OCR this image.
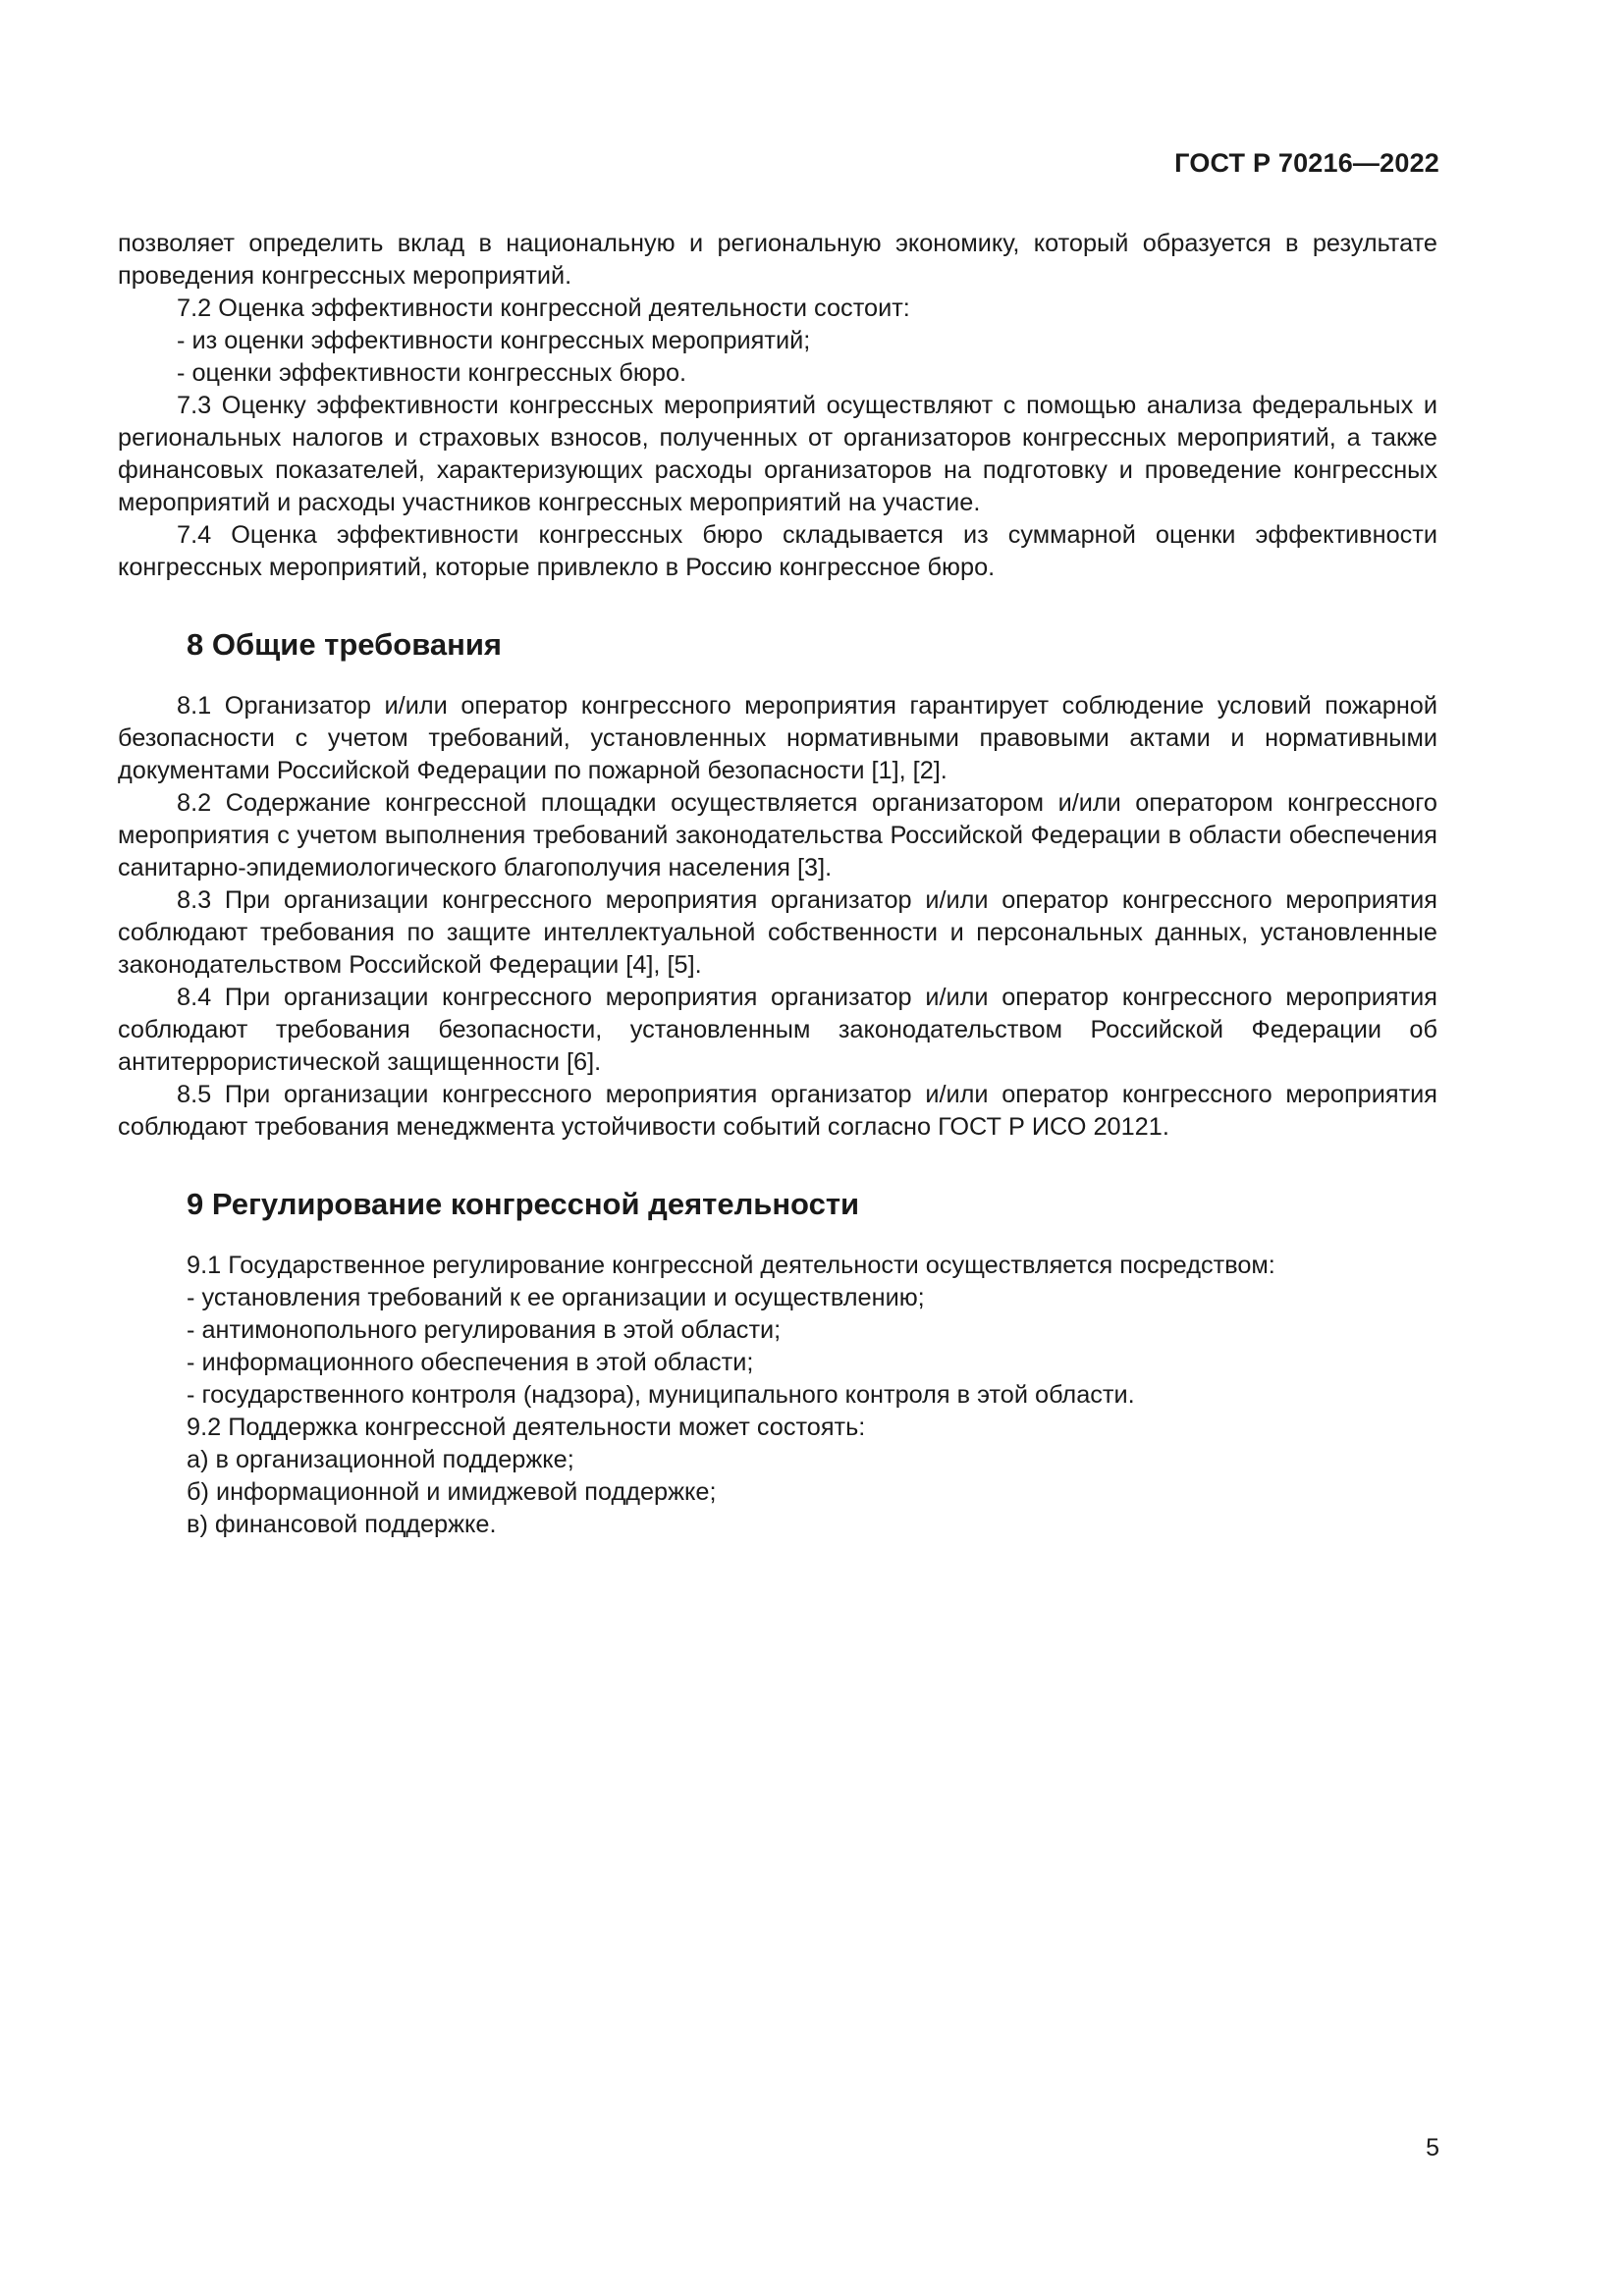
ГОСТ Р 70216—2022

позволяет определить вклад в национальную и региональную экономику, который образуется в результате проведения конгрессных мероприятий.

7.2 Оценка эффективности конгрессной деятельности состоит:

- из оценки эффективности конгрессных мероприятий;

- оценки эффективности конгрессных бюро.

7.3 Оценку эффективности конгрессных мероприятий осуществляют с помощью анализа федеральных и региональных налогов и страховых взносов, полученных от организаторов конгрессных мероприятий, а также финансовых показателей, характеризующих расходы организаторов на подготовку и проведение конгрессных мероприятий и расходы участников конгрессных мероприятий на участие.

7.4 Оценка эффективности конгрессных бюро складывается из суммарной оценки эффективности конгрессных мероприятий, которые привлекло в Россию конгрессное бюро.

8 Общие требования

8.1 Организатор и/или оператор конгрессного мероприятия гарантирует соблюдение условий пожарной безопасности с учетом требований, установленных нормативными правовыми актами и нормативными документами Российской Федерации по пожарной безопасности [1], [2].

8.2 Содержание конгрессной площадки осуществляется организатором и/или оператором конгрессного мероприятия с учетом выполнения требований законодательства Российской Федерации в области обеспечения санитарно-эпидемиологического благополучия населения [3].

8.3 При организации конгрессного мероприятия организатор и/или оператор конгрессного мероприятия соблюдают требования по защите интеллектуальной собственности и персональных данных, установленные законодательством Российской Федерации [4], [5].

8.4 При организации конгрессного мероприятия организатор и/или оператор конгрессного мероприятия соблюдают требования безопасности, установленным законодательством Российской Федерации об антитеррористической защищенности [6].

8.5 При организации конгрессного мероприятия организатор и/или оператор конгрессного мероприятия соблюдают требования менеджмента устойчивости событий согласно ГОСТ Р ИСО 20121.

9 Регулирование конгрессной деятельности

9.1 Государственное регулирование конгрессной деятельности осуществляется посредством:

- установления требований к ее организации и осуществлению;

- антимонопольного регулирования в этой области;

- информационного обеспечения в этой области;

- государственного контроля (надзора), муниципального контроля в этой области.

9.2 Поддержка конгрессной деятельности может состоять:

а) в организационной поддержке;

б) информационной и имиджевой поддержке;

в) финансовой поддержке.

5
